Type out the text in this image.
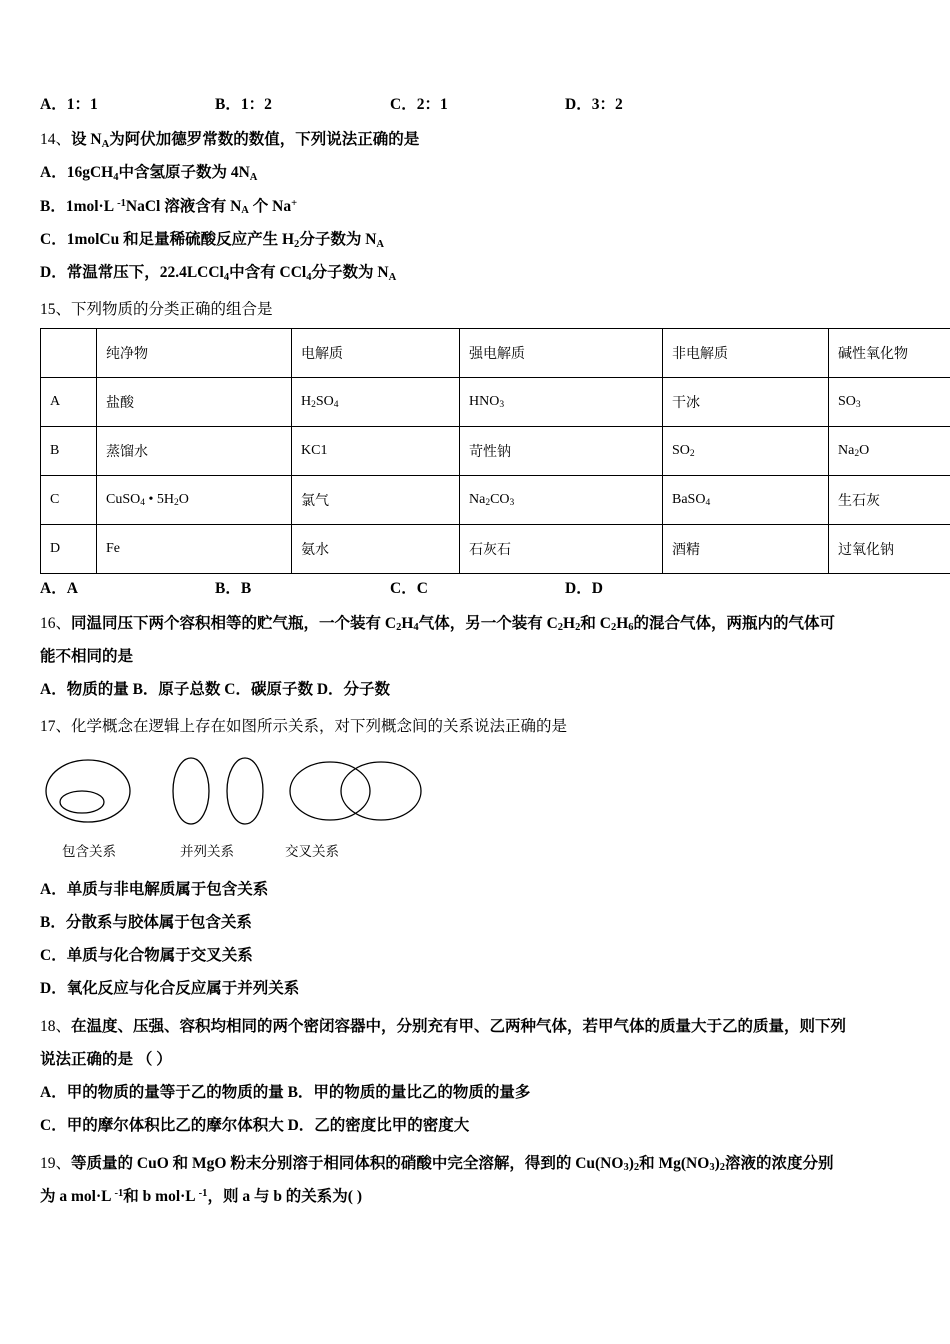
A．1：1	B．1：2	C．2：1	D．3：2
14、设 $N_A$为阿伏加德罗常数的数值，下列说法正确的是
A．16gCH$_4$中含氢原子数为 $4N_A$
B．1mol·L $^{-1}$NaCl 溶液含有 $N_A$ 个 Na+
C．1molCu 和足量稀硫酸反应产生 $H_2$分子数为 $N_A$
D．常温常压下，22.4LCCl$_4$中含有 CCl$_4$分子数为 $N_A$
15、下列物质的分类正确的组合是
	纯净物	电解质	强电解质	非电解质	碱性氧化物
A	盐酸	$H_2SO_4$	$HNO_3$	干冰	$SO_3$
B	蒸馏水	KC1	苛性钠	$SO_2$	$Na_2O$
C	CuSO$_4$ • $5H_2O$	氯气	$Na_2CO_3$	BaSO$_4$	生石灰
D	Fe	氨水	石灰石	酒精	过氧化钠
A．A	B．B	C．C	D．D
16、同温同压下两个容积相等的贮气瓶，一个装有 $C_2H_4$气体，另一个装有 $C_2H_2$和 $C_2H_6$的混合气体，两瓶内的气体可
能不相同的是
A．物质的量 B．原子总数 C．碳原子数 D．分子数
17、化学概念在逻辑上存在如图所示关系，对下列概念间的关系说法正确的是
包含关系	并列关系	交叉关系
A．单质与非电解质属于包含关系
B．分散系与胶体属于包含关系
C．单质与化合物属于交叉关系
D．氧化反应与化合反应属于并列关系
18、在温度、压强、容积均相同的两个密闭容器中，分别充有甲、乙两种气体，若甲气体的质量大于乙的质量，则下列
说法正确的是 （ ）
A．甲的物质的量等于乙的物质的量 B．甲的物质的量比乙的物质的量多
C．甲的摩尔体积比乙的摩尔体积大 D．乙的密度比甲的密度大
19、等质量的 CuO 和 MgO 粉末分别溶于相同体积的硝酸中完全溶解，得到的 $Cu(NO_3)_2$和 $Mg(NO_3)_2$溶液的浓度分别
为 a mol·L $^{-1}$和 b mol·L $^{-1}$，则 a 与 b 的关系为( )
